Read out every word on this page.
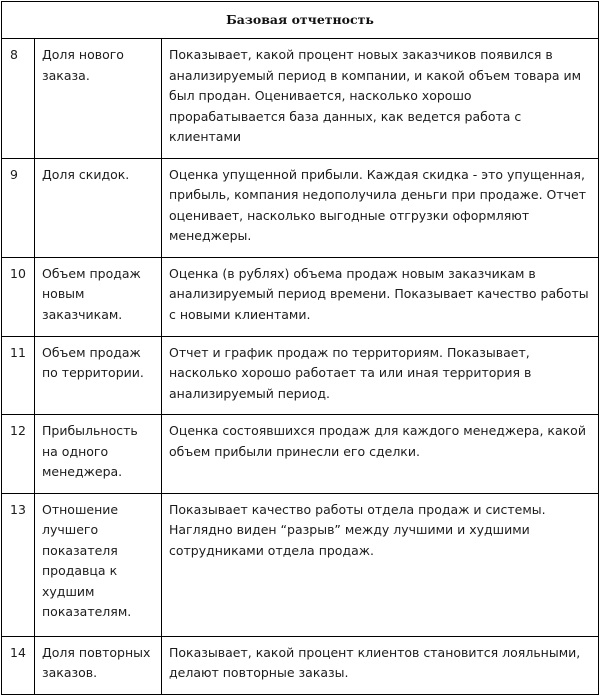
Базовая отчетность		
8	Доля нового заказа.	Показывает, какой процент новых заказчиков появился в анализируемый период в компании, и какой объем товара им был продан. Оценивается, насколько хорошо прорабатывается база данных, как ведется работа с клиентами
9	Доля скидок.	Оценка упущенной прибыли. Каждая скидка - это упущенная, прибыль, компания недополучила деньги при продаже. Отчет оценивает, насколько выгодные отгрузки оформляют менеджеры.
10	Объем продаж новым заказчикам.	Оценка (в рублях) объема продаж новым заказчикам в анализируемый период времени. Показывает качество работы с новыми клиентами.
11	Объем продаж по территории.	Отчет и график продаж по территориям. Показывает, насколько хорошо работает та или иная территория в анализируемый период.
12	Прибыльность на одного менеджера.	Оценка состоявшихся продаж для каждого менеджера, какой объем прибыли принесли его сделки.
13	Отношение лучшего показателя продавца к худшим показателям.	Показывает качество работы отдела продаж и системы. Наглядно виден “разрыв” между лучшими и худшими сотрудниками отдела продаж.
14	Доля повторных заказов.	Показывает, какой процент клиентов становится лояльными, делают повторные заказы.
